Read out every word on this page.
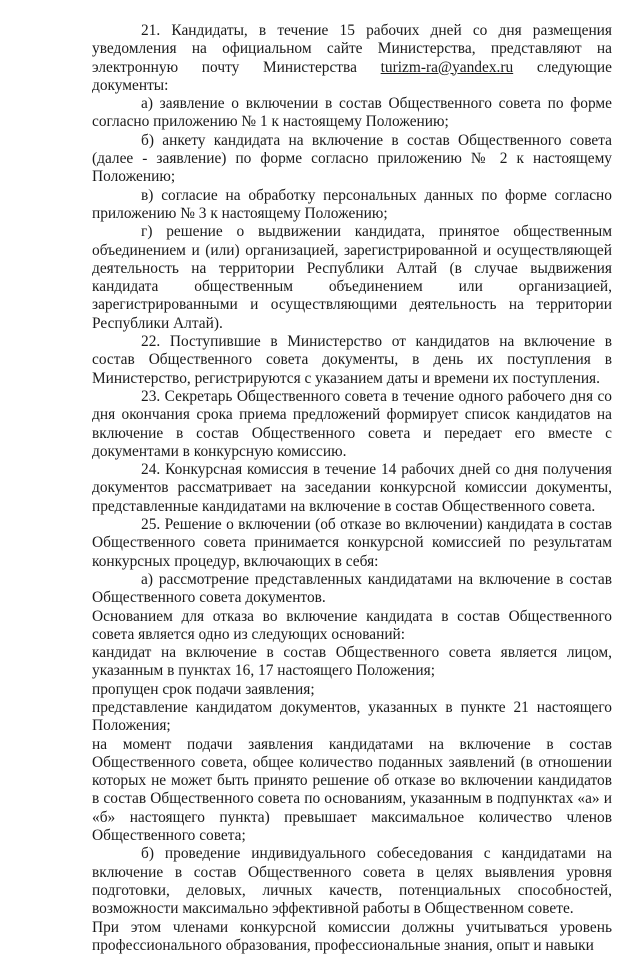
21. Кандидаты, в течение 15 рабочих дней со дня размещения уведомления на официальном сайте Министерства, представляют на электронную почту Министерства turizm-ra@yandex.ru следующие документы:

а) заявление о включении в состав Общественного совета по форме согласно приложению № 1 к настоящему Положению;

б) анкету кандидата на включение в состав Общественного совета (далее - заявление) по форме согласно приложению № 2 к настоящему Положению;

в) согласие на обработку персональных данных по форме согласно приложению № 3 к настоящему Положению;

г) решение о выдвижении кандидата, принятое общественным объединением и (или) организацией, зарегистрированной и осуществляющей деятельность на территории Республики Алтай (в случае выдвижения кандидата общественным объединением или организацией, зарегистрированными и осуществляющими деятельность на территории Республики Алтай).

22. Поступившие в Министерство от кандидатов на включение в состав Общественного совета документы, в день их поступления в Министерство, регистрируются с указанием даты и времени их поступления.

23. Секретарь Общественного совета в течение одного рабочего дня со дня окончания срока приема предложений формирует список кандидатов на включение в состав Общественного совета и передает его вместе с документами в конкурсную комиссию.

24. Конкурсная комиссия в течение 14 рабочих дней со дня получения документов рассматривает на заседании конкурсной комиссии документы, представленные кандидатами на включение в состав Общественного совета.

25. Решение о включении (об отказе во включении) кандидата в состав Общественного совета принимается конкурсной комиссией по результатам конкурсных процедур, включающих в себя:

а) рассмотрение представленных кандидатами на включение в состав Общественного совета документов.

Основанием для отказа во включение кандидата в состав Общественного совета является одно из следующих оснований:

кандидат на включение в состав Общественного совета является лицом, указанным в пунктах 16, 17 настоящего Положения;

пропущен срок подачи заявления;

представление кандидатом документов, указанных в пункте 21 настоящего Положения;

на момент подачи заявления кандидатами на включение в состав Общественного совета, общее количество поданных заявлений (в отношении которых не может быть принято решение об отказе во включении кандидатов в состав Общественного совета по основаниям, указанным в подпунктах «а» и «б» настоящего пункта) превышает максимальное количество членов Общественного совета;

б) проведение индивидуального собеседования с кандидатами на включение в состав Общественного совета в целях выявления уровня подготовки, деловых, личных качеств, потенциальных способностей, возможности максимально эффективной работы в Общественном совете.

При этом членами конкурсной комиссии должны учитываться уровень профессионального образования, профессиональные знания, опыт и навыки
